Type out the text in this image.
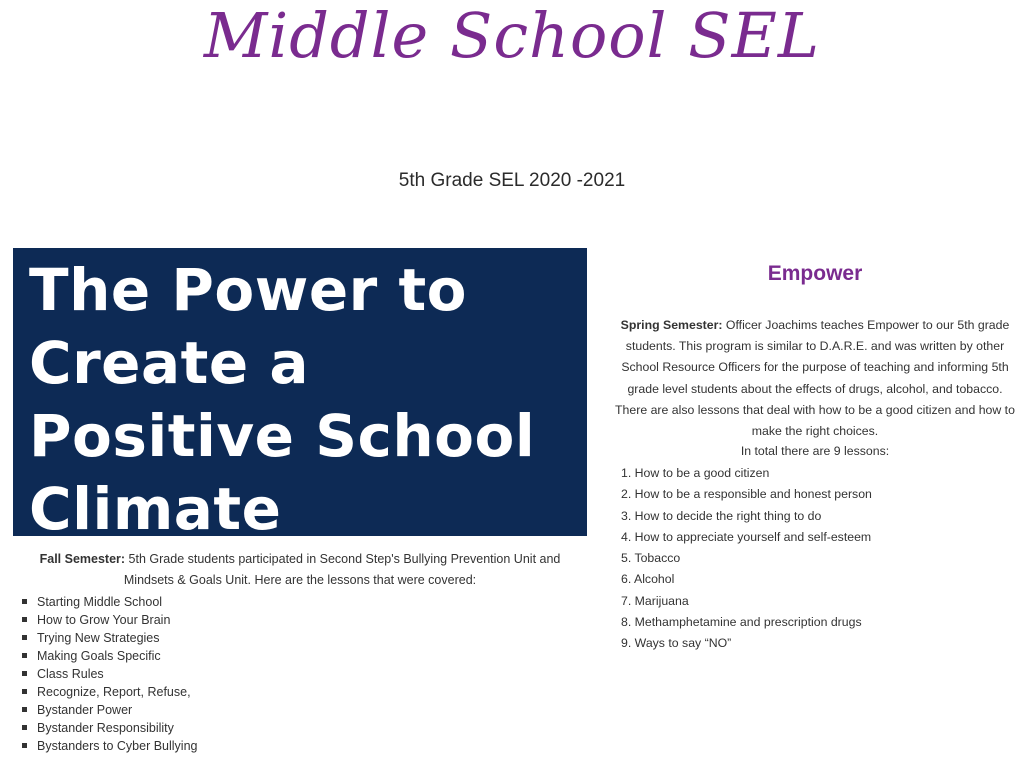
Middle School SEL
5th Grade SEL 2020 -2021

The Power to
Create a
Positive School
Climate

Fall Semester: 5th Grade students participated in Second Step's Bullying Prevention Unit and Mindsets & Goals Unit. Here are the lessons that were covered:

Starting Middle School
How to Grow Your Brain
Trying New Strategies
Making Goals Specific
Class Rules
Recognize, Report, Refuse,
Bystander Power
Bystander Responsibility
Bystanders to Cyber Bullying
Empower

Spring Semester: Officer Joachims teaches Empower to our 5th grade students. This program is similar to D.A.R.E. and was written by other School Resource Officers for the purpose of teaching and informing 5th grade level students about the effects of drugs, alcohol, and tobacco. There are also lessons that deal with how to be a good citizen and how to make the right choices.

In total there are 9 lessons:

1. How to be a good citizen
2. How to be a responsible and honest person
3. How to decide the right thing to do
4. How to appreciate yourself and self-esteem
5. Tobacco
6. Alcohol
7. Marijuana
8. Methamphetamine and prescription drugs
9. Ways to say “NO”
